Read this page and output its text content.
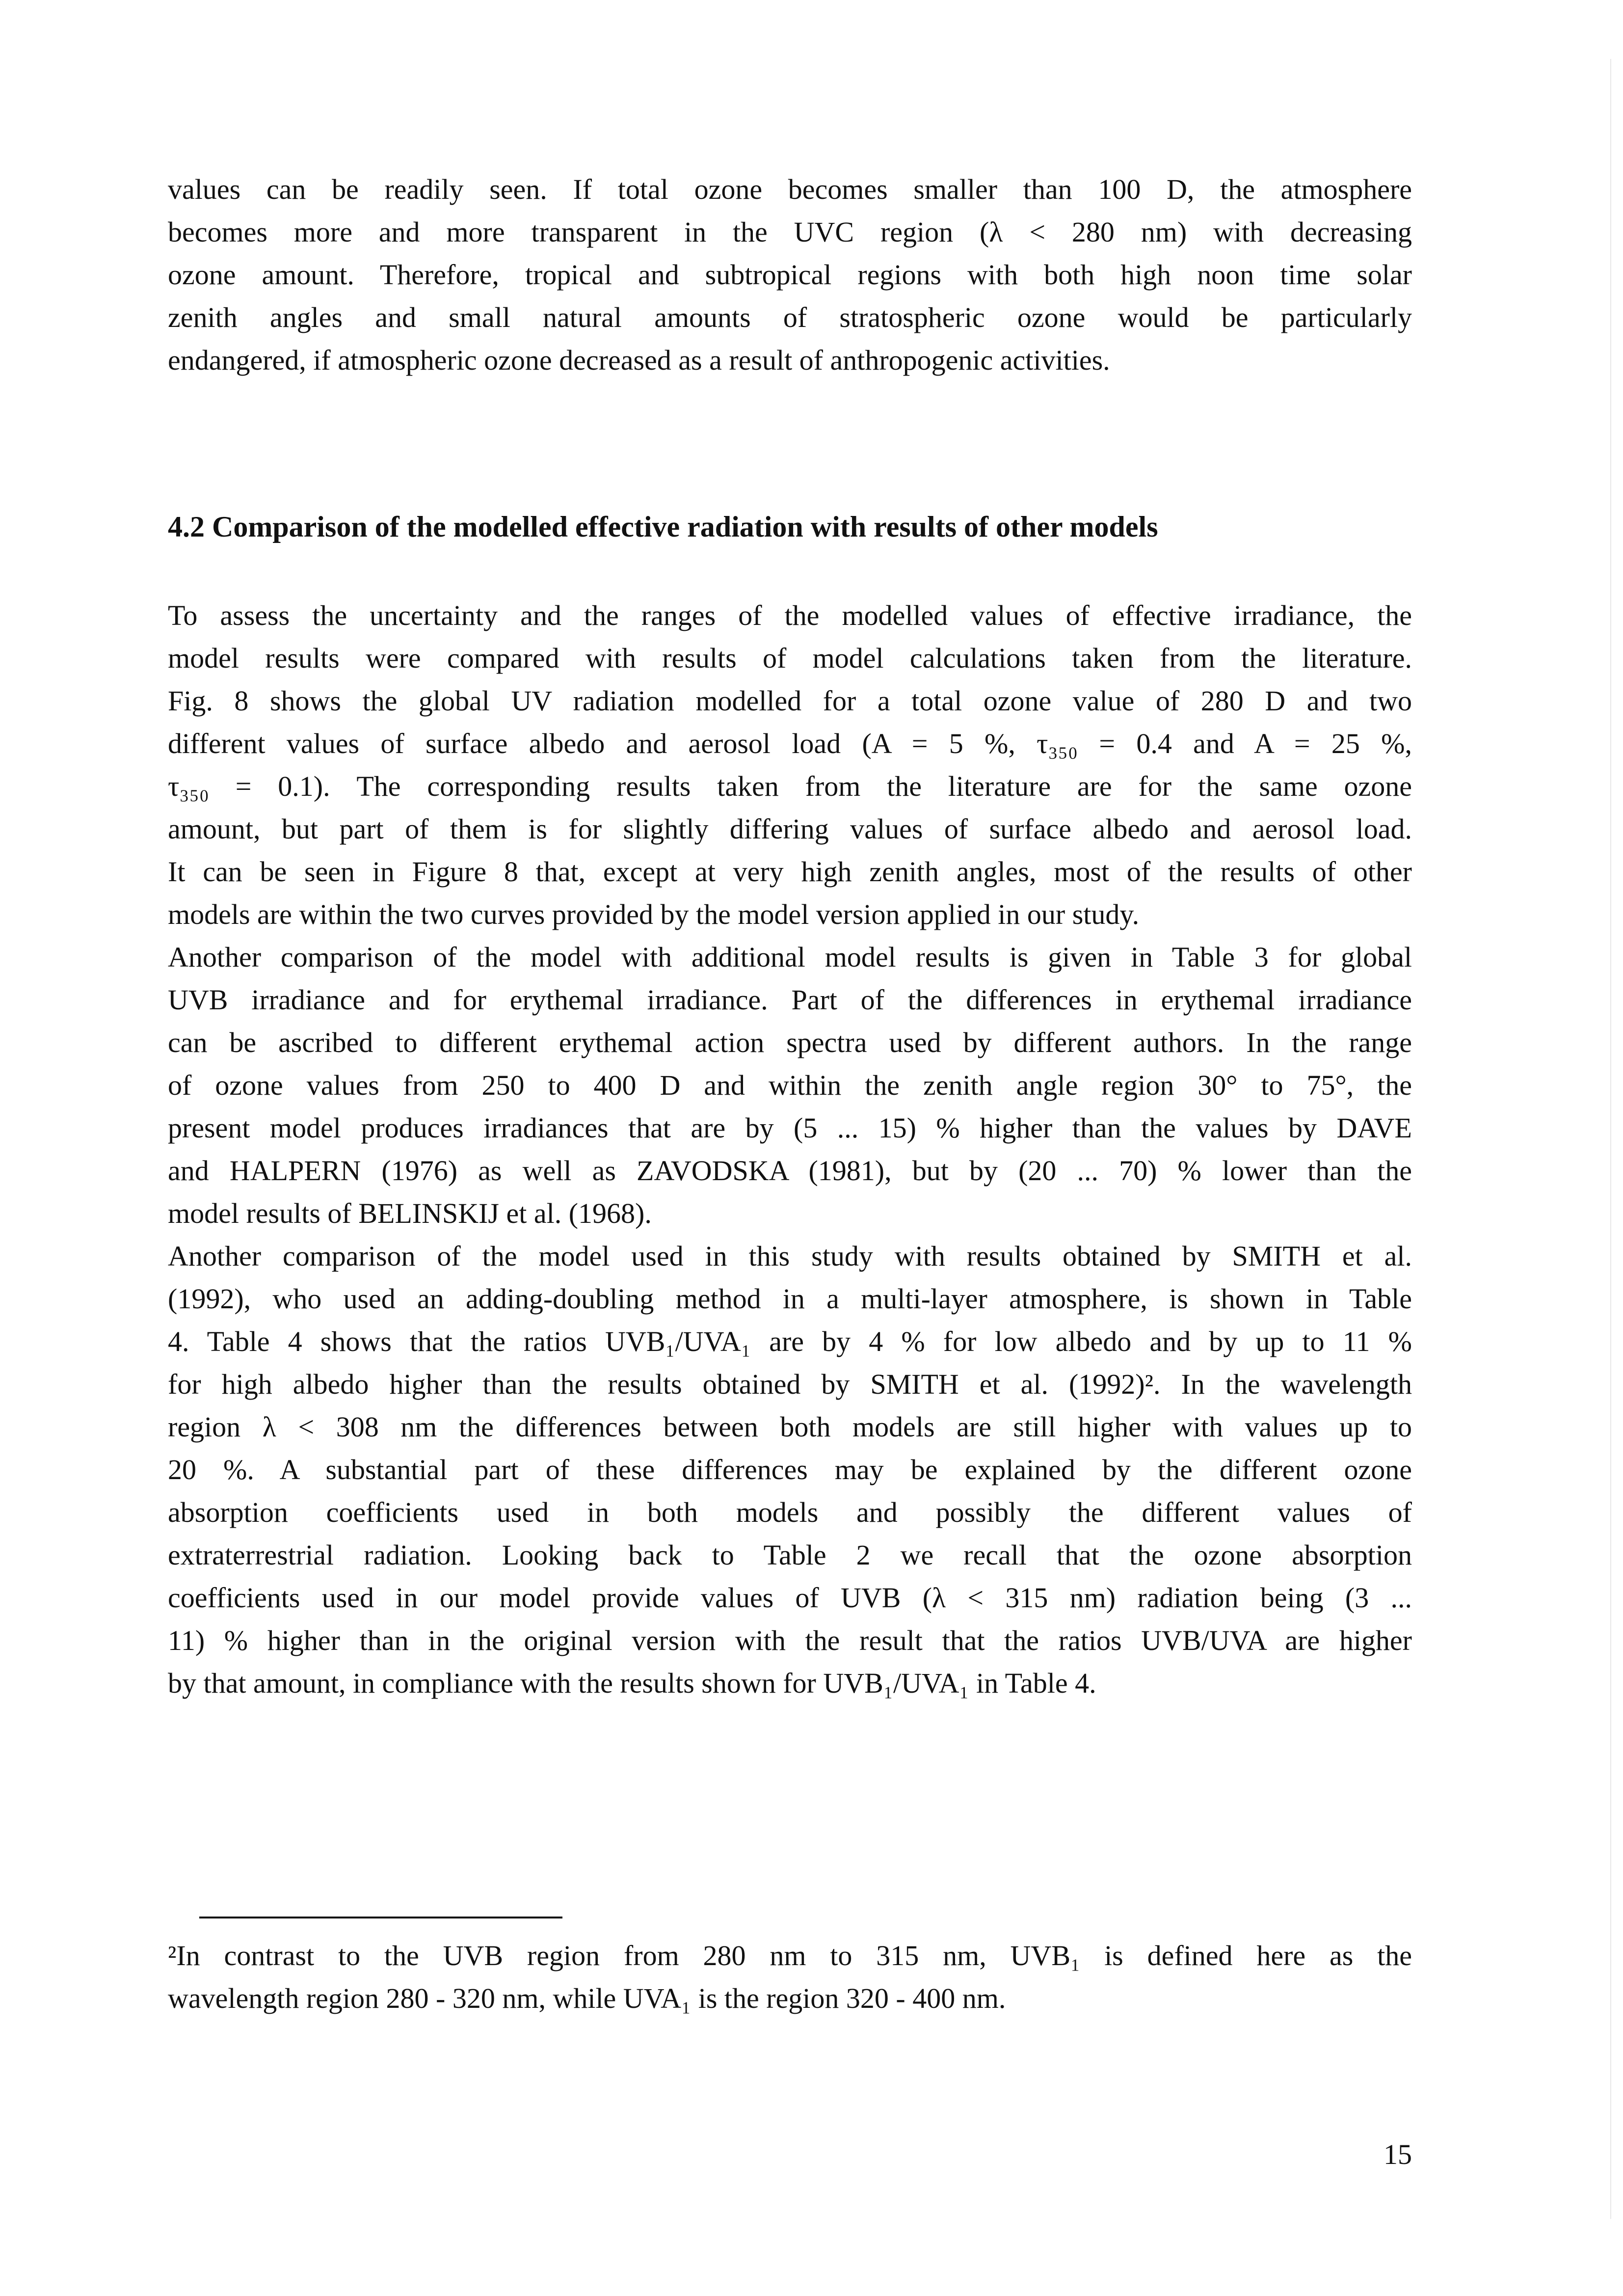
values can be readily seen. If total ozone becomes smaller than 100 D, the atmosphere
becomes more and more transparent in the UVC region (λ < 280 nm) with decreasing
ozone amount. Therefore, tropical and subtropical regions with both high noon time solar
zenith angles and small natural amounts of stratospheric ozone would be particularly
endangered, if atmospheric ozone decreased as a result of anthropogenic activities.
4.2 Comparison of the modelled effective radiation with results of other models
To assess the uncertainty and the ranges of the modelled values of effective irradiance, the
model results were compared with results of model calculations taken from the literature.
Fig. 8 shows the global UV radiation modelled for a total ozone value of 280 D and two
different values of surface albedo and aerosol load (A = 5 %, τ₃₅₀ = 0.4 and A = 25 %,
τ₃₅₀ = 0.1). The corresponding results taken from the literature are for the same ozone
amount, but part of them is for slightly differing values of surface albedo and aerosol load.
It can be seen in Figure 8 that, except at very high zenith angles, most of the results of other
models are within the two curves provided by the model version applied in our study.
Another comparison of the model with additional model results is given in Table 3 for global
UVB irradiance and for erythemal irradiance. Part of the differences in erythemal irradiance
can be ascribed to different erythemal action spectra used by different authors. In the range
of ozone values from 250 to 400 D and within the zenith angle region 30° to 75°, the
present model produces irradiances that are by (5 ... 15) % higher than the values by DAVE
and HALPERN (1976) as well as ZAVODSKA (1981), but by (20 ... 70) % lower than the
model results of BELINSKIJ et al. (1968).
Another comparison of the model used in this study with results obtained by SMITH et al.
(1992), who used an adding-doubling method in a multi-layer atmosphere, is shown in Table
4. Table 4 shows that the ratios UVB₁/UVA₁ are by 4 % for low albedo and by up to 11 %
for high albedo higher than the results obtained by SMITH et al. (1992)². In the wavelength
region λ < 308 nm the differences between both models are still higher with values up to
20 %. A substantial part of these differences may be explained by the different ozone
absorption coefficients used in both models and possibly the different values of
extraterrestrial radiation. Looking back to Table 2 we recall that the ozone absorption
coefficients used in our model provide values of UVB (λ < 315 nm) radiation being (3 ...
11) % higher than in the original version with the result that the ratios UVB/UVA are higher
by that amount, in compliance with the results shown for UVB₁/UVA₁ in Table 4.
²In contrast to the UVB region from 280 nm to 315 nm, UVB₁ is defined here as the
wavelength region 280 - 320 nm, while UVA₁ is the region 320 - 400 nm.
15
